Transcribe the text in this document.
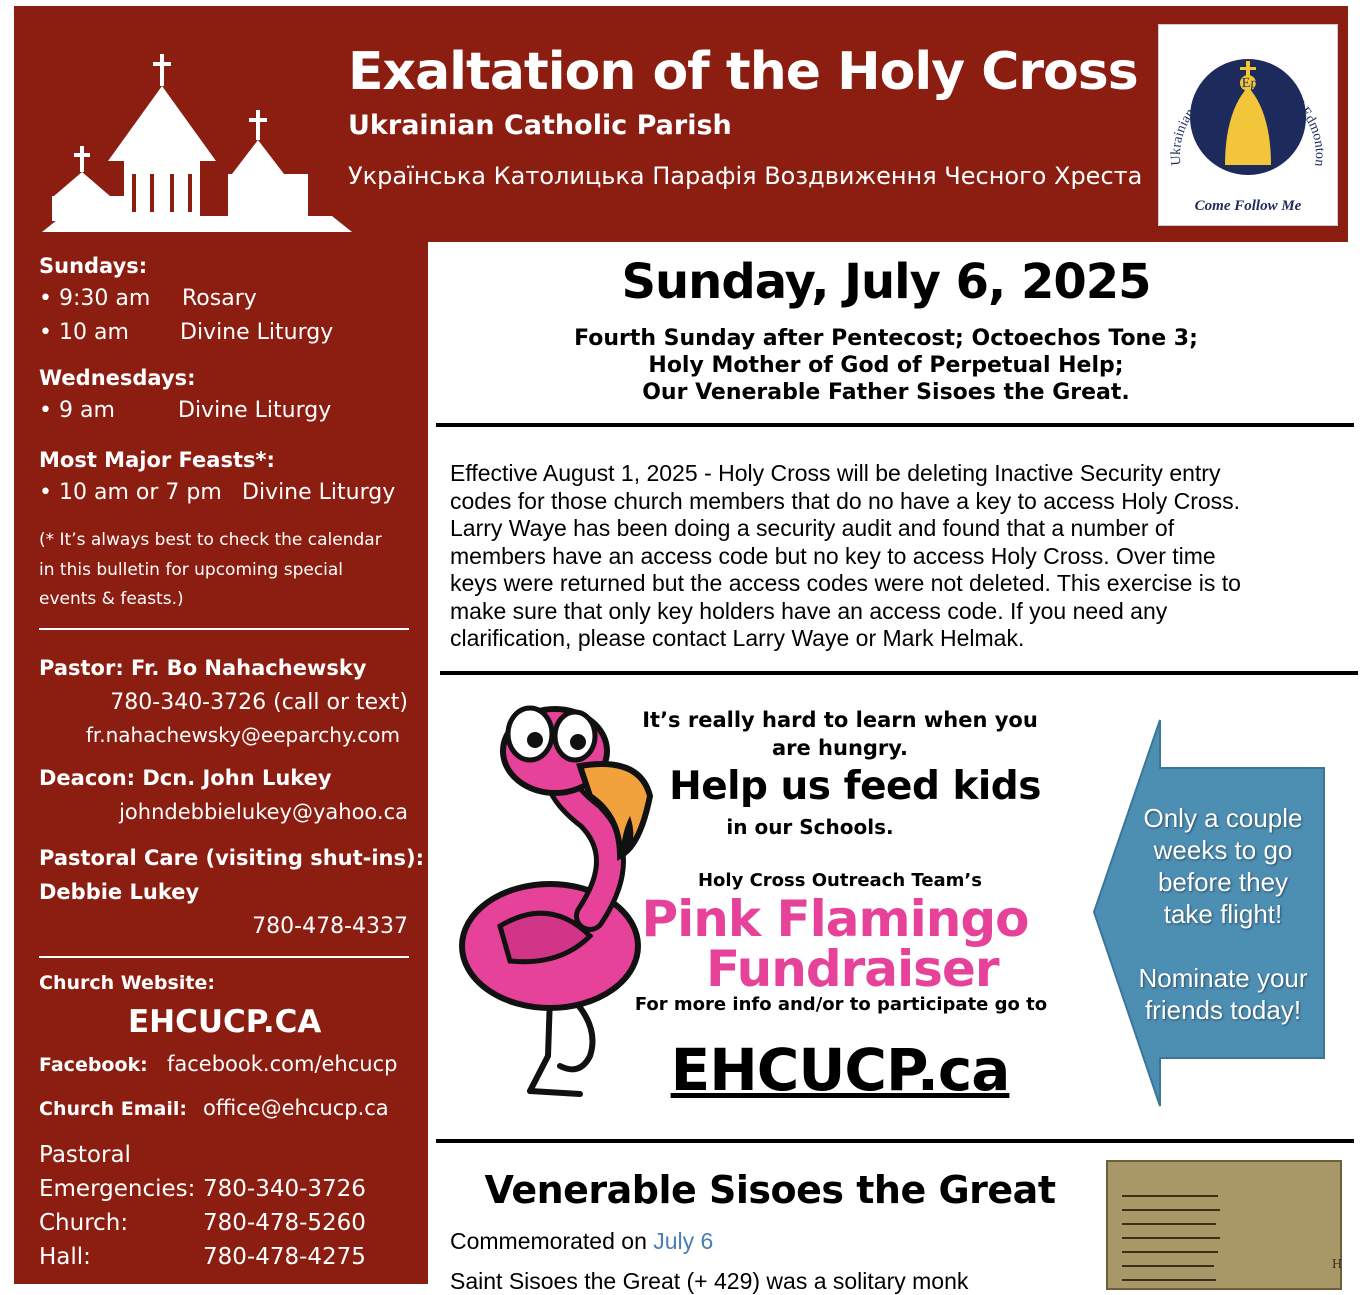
Exaltation of the Holy Cross
Ukrainian Catholic Parish
Українська Католицька Парафія Воздвиження Чесного Хреста
Ukrainian Catholic Eparchy of Edmonton
Come Follow Me
Sundays:
• 9:30 am Rosary
• 10 am Divine Liturgy
Wednesdays:
• 9 am	Divine Liturgy
Most Major Feasts*:
• 10 am or 7 pm Divine Liturgy
(* It’s always best to check the calendar
in this bulletin for upcoming special
events & feasts.)
Pastor: Fr. Bo Nahachewsky
780-340-3726 (call or text)
fr.nahachewsky@eeparchy.com
Deacon: Dcn. John Lukey
johndebbielukey@yahoo.ca
Pastoral Care (visiting shut-ins):
Debbie Lukey
780-478-4337
Church Website:
EHCUCP.CA
Facebook: facebook.com/ehcucp
Church Email: office@ehcucp.ca
Pastoral
Emergencies: 780-340-3726
Church:	780-478-5260
Hall:	780-478-4275
Sunday, July 6, 2025
Fourth Sunday after Pentecost; Octoechos Tone 3;
Holy Mother of God of Perpetual Help;
Our Venerable Father Sisoes the Great.
Effective August 1, 2025 - Holy Cross will be deleting Inactive Security entry
codes for those church members that do no have a key to access Holy Cross.
Larry Waye has been doing a security audit and found that a number of
members have an access code but no key to access Holy Cross. Over time
keys were returned but the access codes were not deleted. This exercise is to
make sure that only key holders have an access code. If you need any
clarification, please contact Larry Waye or Mark Helmak.
It’s really hard to learn when you
are hungry.
Help us feed kids
in our Schools.
Holy Cross Outreach Team’s
Pink Flamingo
Fundraiser
For more info and/or to participate go to
EHCUCP.ca
Only a couple
weeks to go
before they
take flight!
Nominate your
friends today!
Venerable Sisoes the Great
Commemorated on July 6
Saint Sisoes the Great (+ 429) was a solitary monk
H
